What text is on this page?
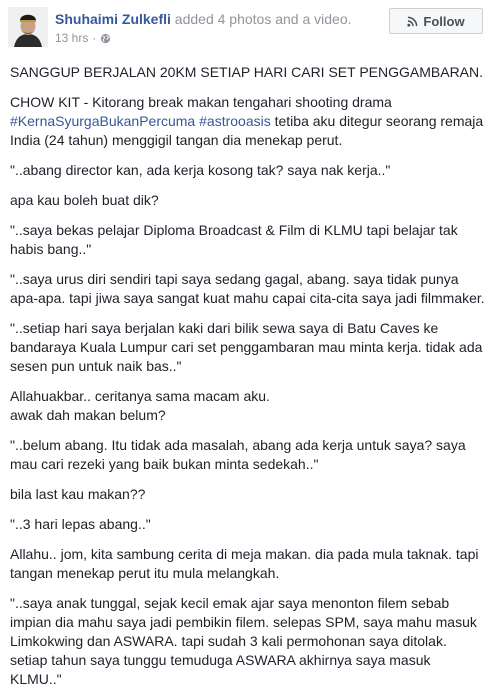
Shuhaimi Zulkefli added 4 photos and a video.
13 hrs ·
Follow

SANGGUP BERJALAN 20KM SETIAP HARI CARI SET PENGGAMBARAN.

CHOW KIT - Kitorang break makan tengahari shooting drama #KernaSyurgaBukanPercuma #astrooasis tetiba aku ditegur seorang remaja India (24 tahun) menggigil tangan dia menekap perut.

"..abang director kan, ada kerja kosong tak? saya nak kerja.."

apa kau boleh buat dik?

"..saya bekas pelajar Diploma Broadcast & Film di KLMU tapi belajar tak habis bang.."

"..saya urus diri sendiri tapi saya sedang gagal, abang. saya tidak punya apa-apa. tapi jiwa saya sangat kuat mahu capai cita-cita saya jadi filmmaker.

"..setiap hari saya berjalan kaki dari bilik sewa saya di Batu Caves ke bandaraya Kuala Lumpur cari set penggambaran mau minta kerja. tidak ada sesen pun untuk naik bas.."

Allahuakbar.. ceritanya sama macam aku.
awak dah makan belum?

"..belum abang. Itu tidak ada masalah, abang ada kerja untuk saya? saya mau cari rezeki yang baik bukan minta sedekah.."

bila last kau makan??

"..3 hari lepas abang.."

Allahu.. jom, kita sambung cerita di meja makan. dia pada mula taknak. tapi tangan menekap perut itu mula melangkah.

"..saya anak tunggal, sejak kecil emak ajar saya menonton filem sebab impian dia mahu saya jadi pembikin filem. selepas SPM, saya mahu masuk Limkokwing dan ASWARA. tapi sudah 3 kali permohonan saya ditolak. setiap tahun saya tunggu temuduga ASWARA akhirnya saya masuk KLMU.."
